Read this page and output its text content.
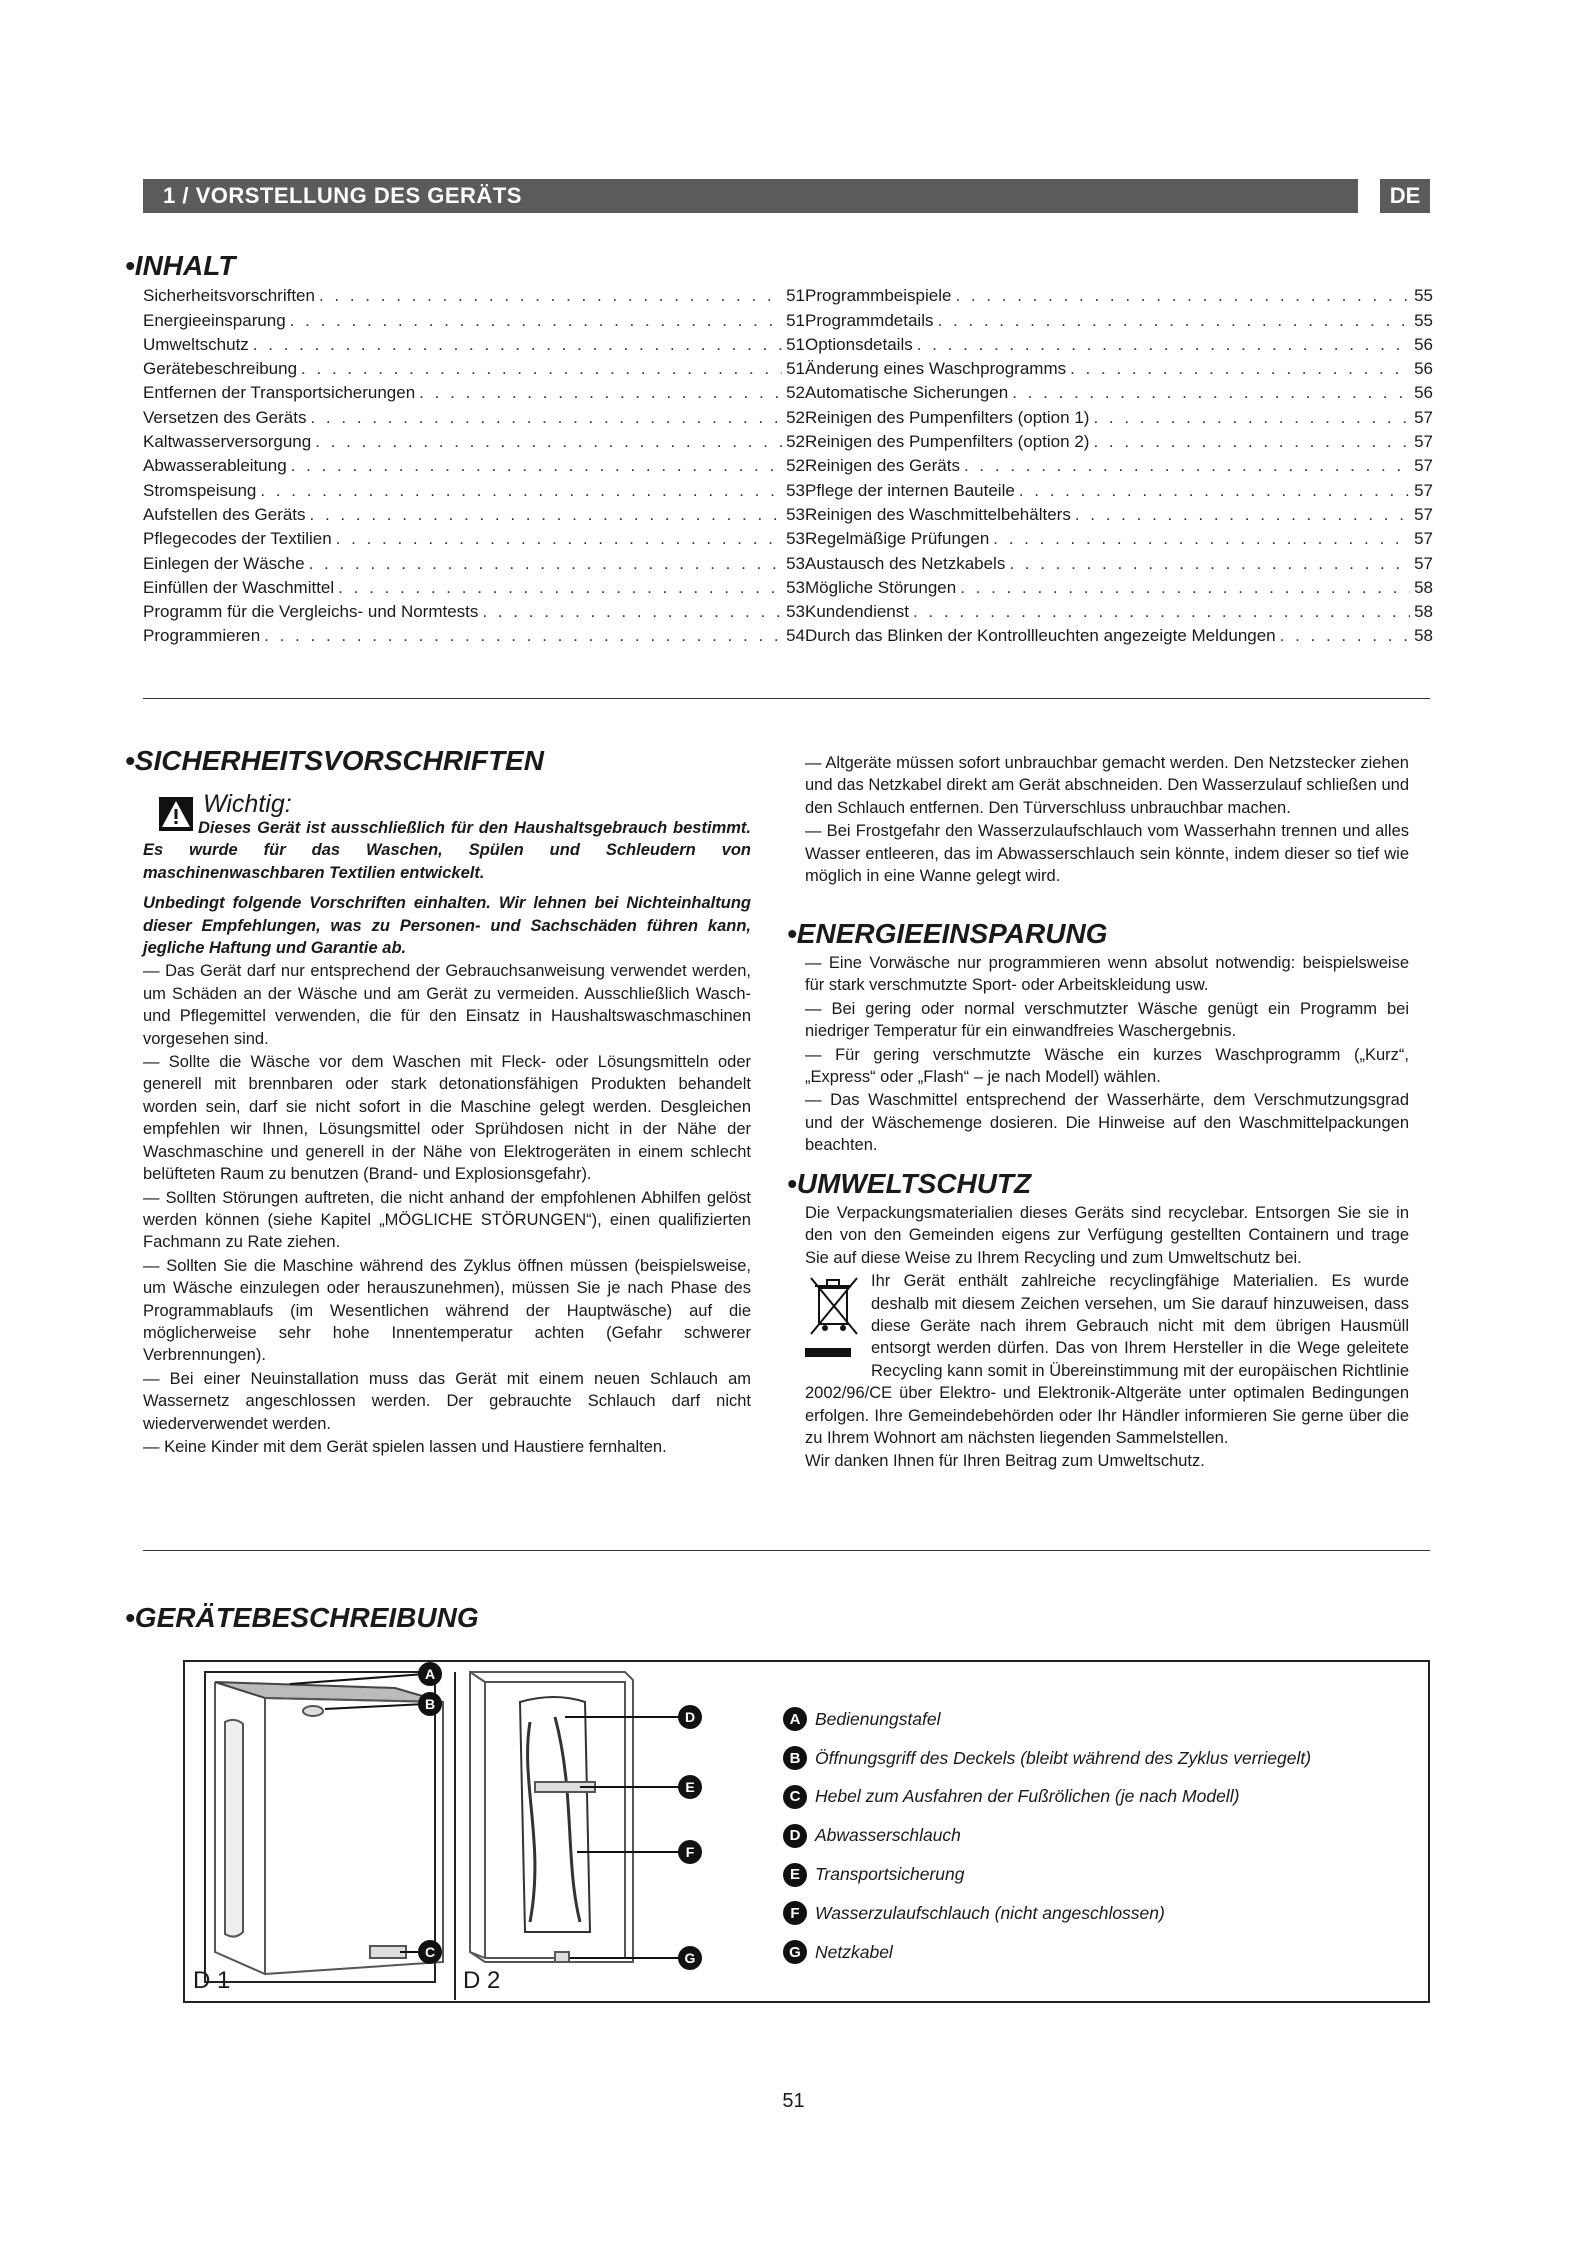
1 / VORSTELLUNG DES GERÄTS	DE
•INHALT
Sicherheitsvorschriften . . .	51
Energieeinsparung . . .	51
Umweltschutz . . .	51
Gerätebeschreibung . . .	51
Entfernen der Transportsicherungen . . .	52
Versetzen des Geräts . . .	52
Kaltwasserversorgung . . .	52
Abwasserableitung . . .	52
Stromspeisung . . .	53
Aufstellen des Geräts . . .	53
Pflegecodes der Textilien . . .	53
Einlegen der Wäsche . . .	53
Einfüllen der Waschmittel . . .	53
Programm für die Vergleichs- und Normtests . . .	53
Programmieren . . .	54
Programmbeispiele . . .	55
Programmdetails . . .	55
Optionsdetails . . .	56
Änderung eines Waschprogramms . . .	56
Automatische Sicherungen . . .	56
Reinigen des Pumpenfilters (option 1) . . .	57
Reinigen des Pumpenfilters (option 2) . . .	57
Reinigen des Geräts . . .	57
Pflege der internen Bauteile . . .	57
Reinigen des Waschmittelbehälters . . .	57
Regelmäßige Prüfungen . . .	57
Austausch des Netzkabels . . .	57
Mögliche Störungen . . .	58
Kundendienst . . .	58
Durch das Blinken der Kontrollleuchten angezeigte Meldungen . . .	58
•SICHERHEITSVORSCHRIFTEN
Wichtig:

Dieses Gerät ist ausschließlich für den Haushaltsgebrauch bestimmt. Es wurde für das Waschen, Spülen und Schleudern von maschinenwaschbaren Textilien entwickelt.

Unbedingt folgende Vorschriften einhalten. Wir lehnen bei Nichteinhaltung dieser Empfehlungen, was zu Personen- und Sachschäden führen kann, jegliche Haftung und Garantie ab.

— Das Gerät darf nur entsprechend der Gebrauchsanweisung verwendet werden, um Schäden an der Wäsche und am Gerät zu vermeiden. Ausschließlich Wasch- und Pflegemittel verwenden, die für den Einsatz in Haushaltswaschmaschinen vorgesehen sind.

— Sollte die Wäsche vor dem Waschen mit Fleck- oder Lösungsmitteln oder generell mit brennbaren oder stark detonationsfähigen Produkten behandelt worden sein, darf sie nicht sofort in die Maschine gelegt werden. Desgleichen empfehlen wir Ihnen, Lösungsmittel oder Sprühdosen nicht in der Nähe der Waschmaschine und generell in der Nähe von Elektrogeräten in einem schlecht belüfteten Raum zu benutzen (Brand- und Explosionsgefahr).

— Sollten Störungen auftreten, die nicht anhand der empfohlenen Abhilfen gelöst werden können (siehe Kapitel „MÖGLICHE STÖRUNGEN“), einen qualifizierten Fachmann zu Rate ziehen.

— Sollten Sie die Maschine während des Zyklus öffnen müssen (beispielsweise, um Wäsche einzulegen oder herauszunehmen), müssen Sie je nach Phase des Programmablaufs (im Wesentlichen während der Hauptwäsche) auf die möglicherweise sehr hohe Innentemperatur achten (Gefahr schwerer Verbrennungen).

— Bei einer Neuinstallation muss das Gerät mit einem neuen Schlauch am Wassernetz angeschlossen werden. Der gebrauchte Schlauch darf nicht wiederverwendet werden.

— Keine Kinder mit dem Gerät spielen lassen und Haustiere fernhalten.

— Altgeräte müssen sofort unbrauchbar gemacht werden. Den Netzstecker ziehen und das Netzkabel direkt am Gerät abschneiden. Den Wasserzulauf schließen und den Schlauch entfernen. Den Türverschluss unbrauchbar machen.

— Bei Frostgefahr den Wasserzulaufschlauch vom Wasserhahn trennen und alles Wasser entleeren, das im Abwasserschlauch sein könnte, indem dieser so tief wie möglich in eine Wanne gelegt wird.

•ENERGIEEINSPARUNG

— Eine Vorwäsche nur programmieren wenn absolut notwendig: beispielsweise für stark verschmutzte Sport- oder Arbeitskleidung usw.

— Bei gering oder normal verschmutzter Wäsche genügt ein Programm bei niedriger Temperatur für ein einwandfreies Waschergebnis.

— Für gering verschmutzte Wäsche ein kurzes Waschprogramm („Kurz“, „Express“ oder „Flash“ – je nach Modell) wählen.

— Das Waschmittel entsprechend der Wasserhärte, dem Verschmutzungsgrad und der Wäschemenge dosieren. Die Hinweise auf den Waschmittelpackungen beachten.

•UMWELTSCHUTZ

Die Verpackungsmaterialien dieses Geräts sind recyclebar. Entsorgen Sie sie in den von den Gemeinden eigens zur Verfügung gestellten Containern und trage Sie auf diese Weise zu Ihrem Recycling und zum Umweltschutz bei.

Ihr Gerät enthält zahlreiche recyclingfähige Materialien. Es wurde deshalb mit diesem Zeichen versehen, um Sie darauf hinzuweisen, dass diese Geräte nach ihrem Gebrauch nicht mit dem übrigen Hausmüll entsorgt werden dürfen. Das von Ihrem Hersteller in die Wege geleitete Recycling kann somit in Übereinstimmung mit der europäischen Richtlinie 2002/96/CE über Elektro- und Elektronik-Altgeräte unter optimalen Bedingungen erfolgen. Ihre Gemeindebehörden oder Ihr Händler informieren Sie gerne über die zu Ihrem Wohnort am nächsten liegenden Sammelstellen.

Wir danken Ihnen für Ihren Beitrag zum Umweltschutz.

•GERÄTEBESCHREIBUNG
A
B
C
D
E
F
G
D 1	D 2
A Bedienungstafel
B Öffnungsgriff des Deckels (bleibt während des Zyklus verriegelt)
C Hebel zum Ausfahren der Fußrölichen (je nach Modell)
D Abwasserschlauch
E Transportsicherung
F Wasserzulaufschlauch (nicht angeschlossen)
G Netzkabel
51
